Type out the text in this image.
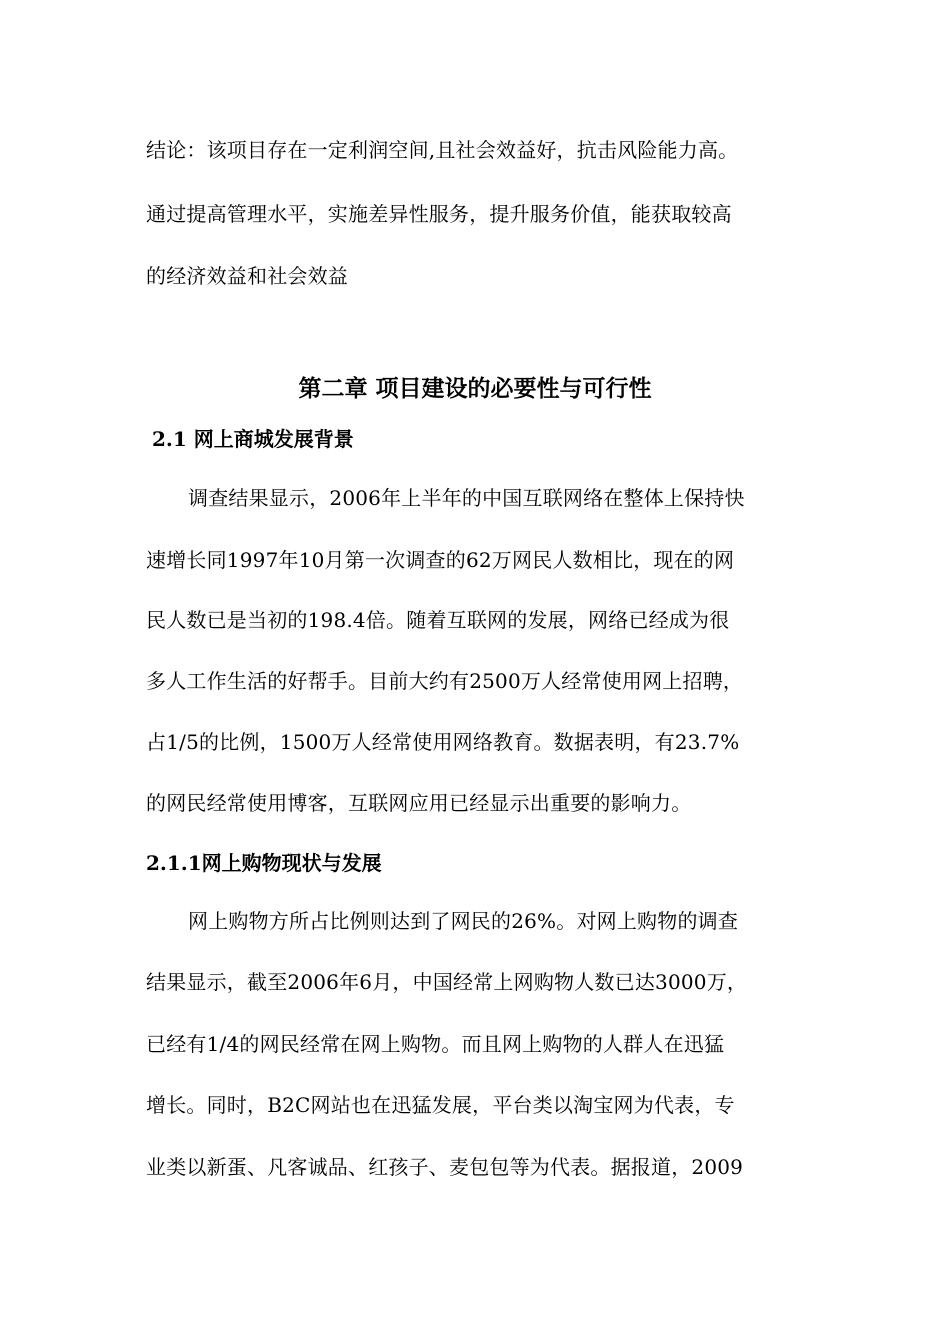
结论：该项目存在一定利润空间,且社会效益好，抗击风险能力高。
通过提高管理水平，实施差异性服务，提升服务价值，能获取较高
的经济效益和社会效益
第二章 项目建设的必要性与可行性
2.1 网上商城发展背景
调查结果显示，2006年上半年的中国互联网络在整体上保持快
速增长同1997年10月第一次调查的62万网民人数相比，现在的网
民人数已是当初的198.4倍。随着互联网的发展，网络已经成为很
多人工作生活的好帮手。目前大约有2500万人经常使用网上招聘，
占1/5的比例，1500万人经常使用网络教育。数据表明，有23.7%
的网民经常使用博客，互联网应用已经显示出重要的影响力。
2.1.1网上购物现状与发展
网上购物方所占比例则达到了网民的26%。对网上购物的调查
结果显示，截至2006年6月，中国经常上网购物人数已达3000万，
已经有1/4的网民经常在网上购物。而且网上购物的人群人在迅猛
增长。同时，B2C网站也在迅猛发展，平台类以淘宝网为代表，专
业类以新蛋、凡客诚品、红孩子、麦包包等为代表。据报道，2009
